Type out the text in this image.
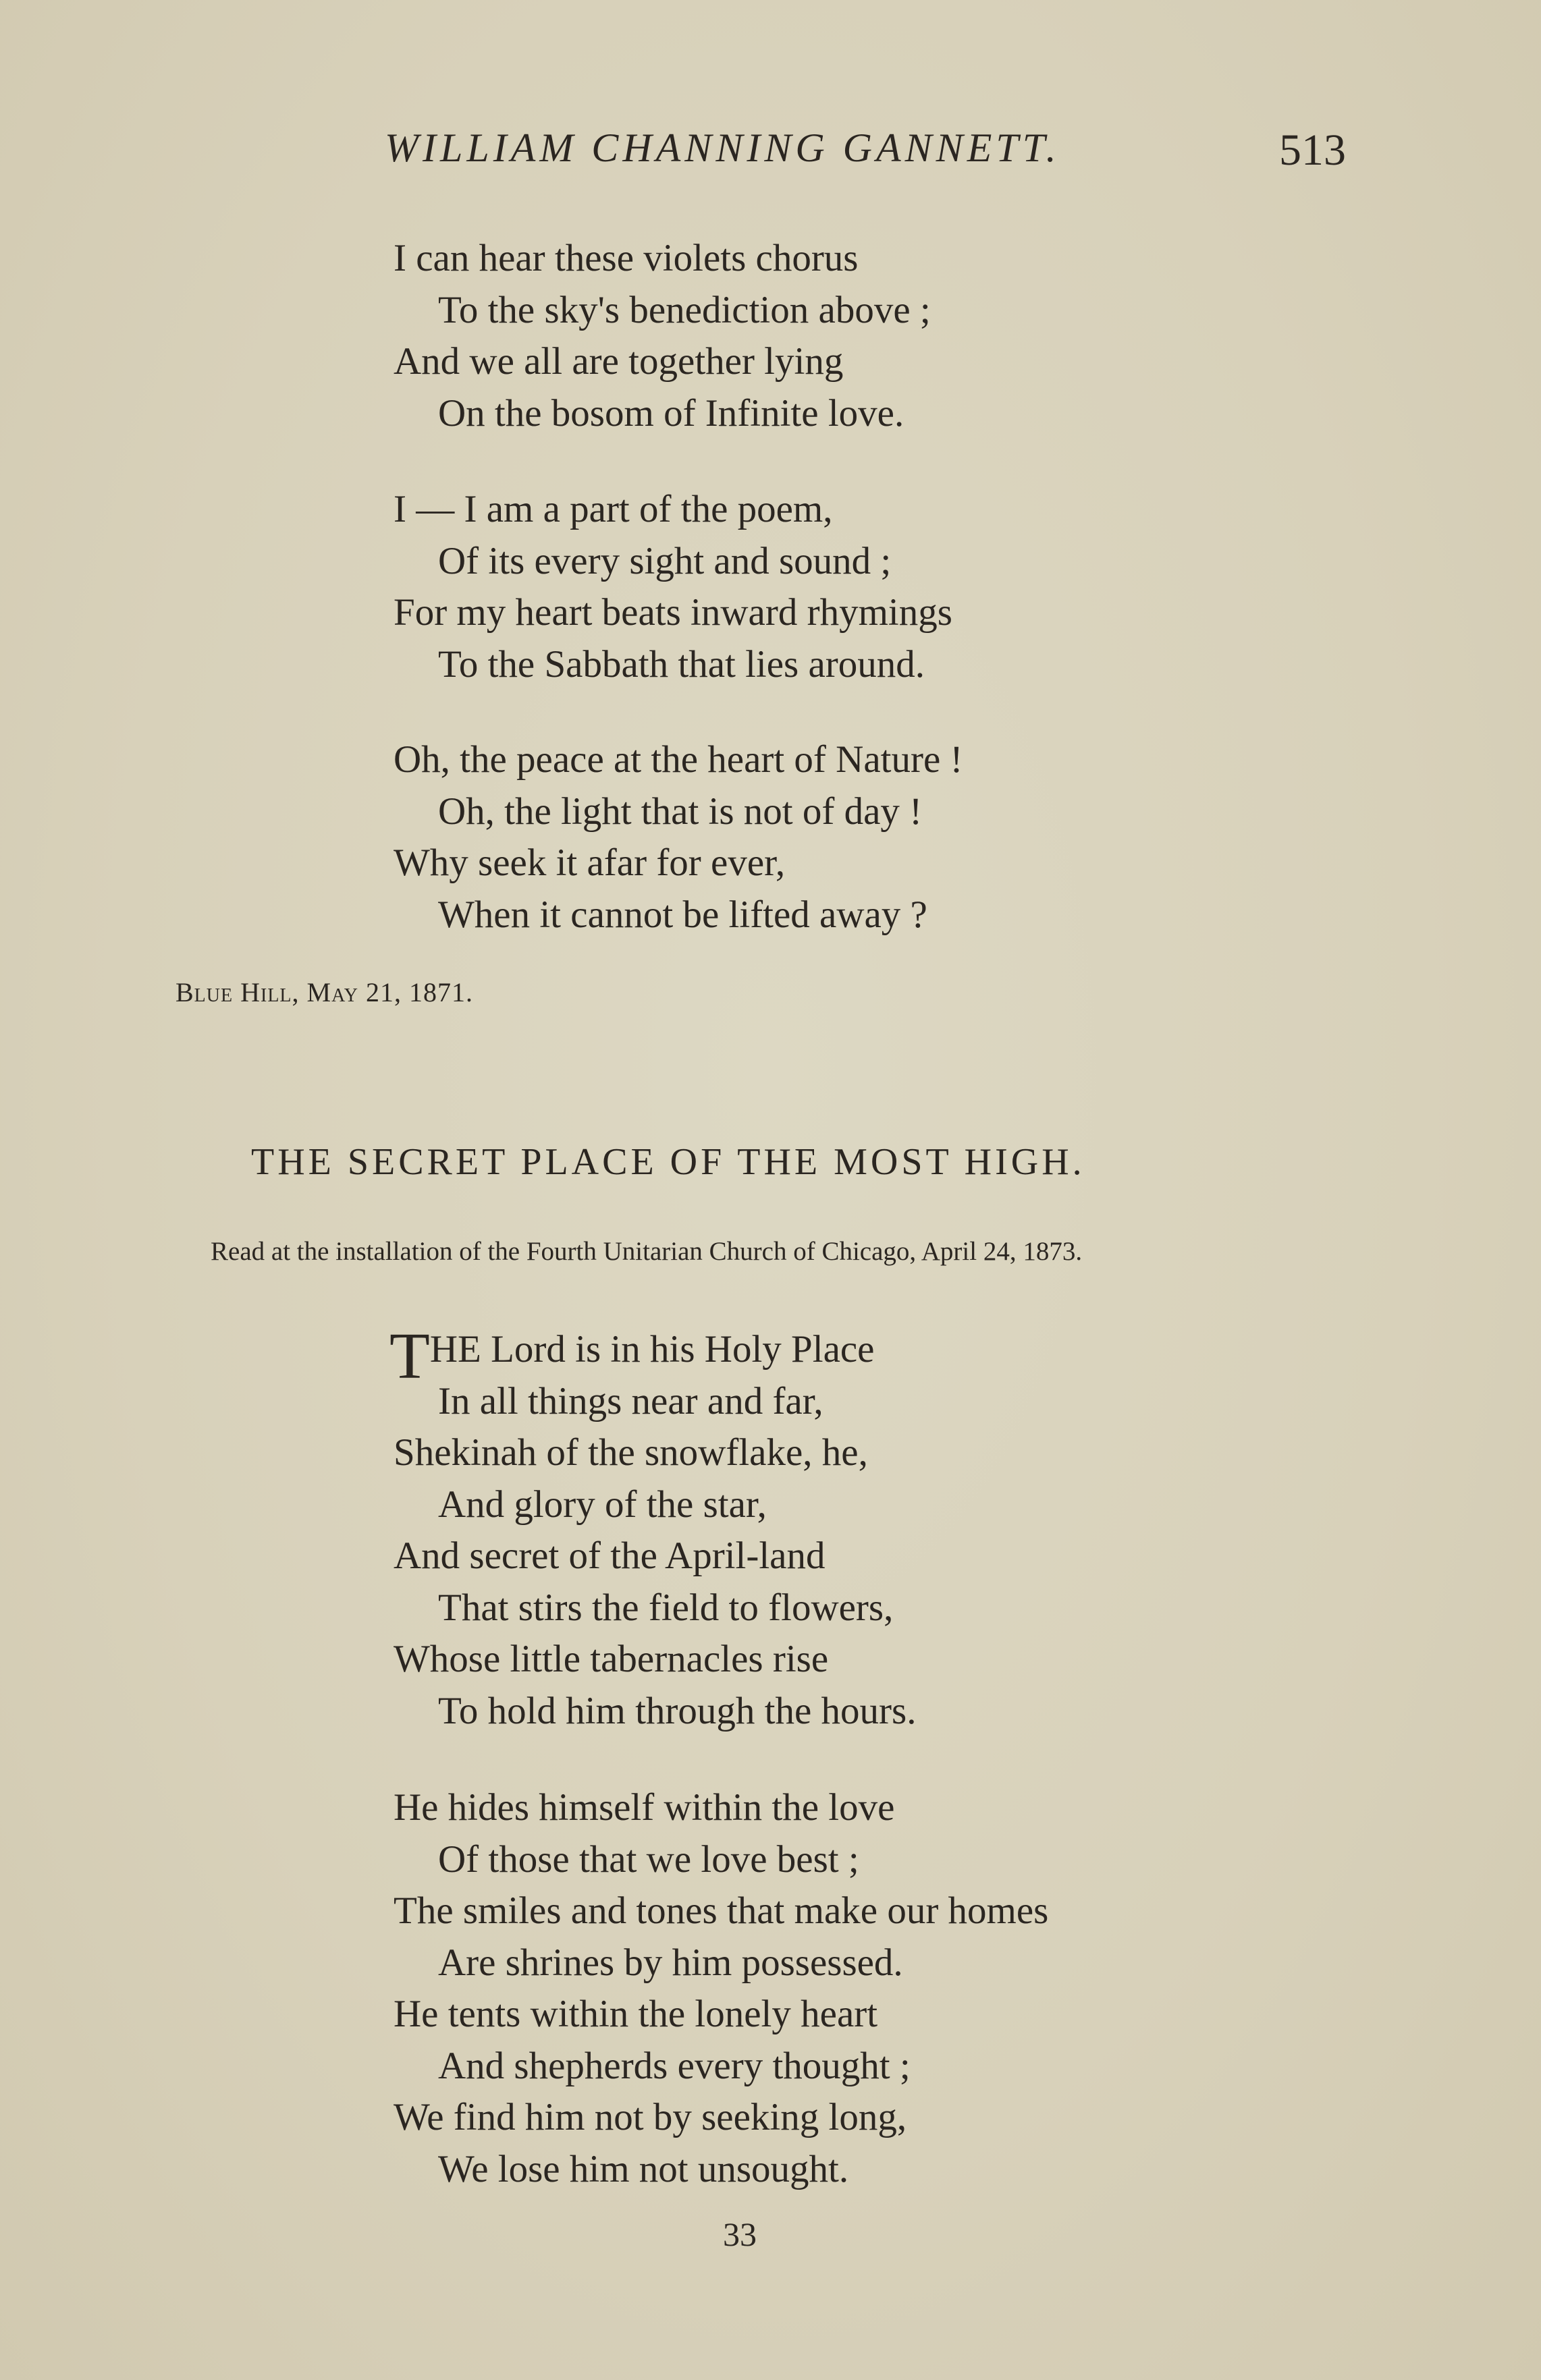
WILLIAM CHANNING GANNETT.	513
I can hear these violets chorus
To the sky's benediction above ;
And we all are together lying
On the bosom of Infinite love.
I — I am a part of the poem,
Of its every sight and sound ;
For my heart beats inward rhymings
To the Sabbath that lies around.
Oh, the peace at the heart of Nature !
Oh, the light that is not of day !
Why seek it afar for ever,
When it cannot be lifted away ?
Blue Hill, May 21, 1871.
THE SECRET PLACE OF THE MOST HIGH.
Read at the installation of the Fourth Unitarian Church of Chicago, April 24, 1873.
THE Lord is in his Holy Place
In all things near and far,
Shekinah of the snowflake, he,
And glory of the star,
And secret of the April-land
That stirs the field to flowers,
Whose little tabernacles rise
To hold him through the hours.
He hides himself within the love
Of those that we love best ;
The smiles and tones that make our homes
Are shrines by him possessed.
He tents within the lonely heart
And shepherds every thought ;
We find him not by seeking long,
We lose him not unsought.
33
